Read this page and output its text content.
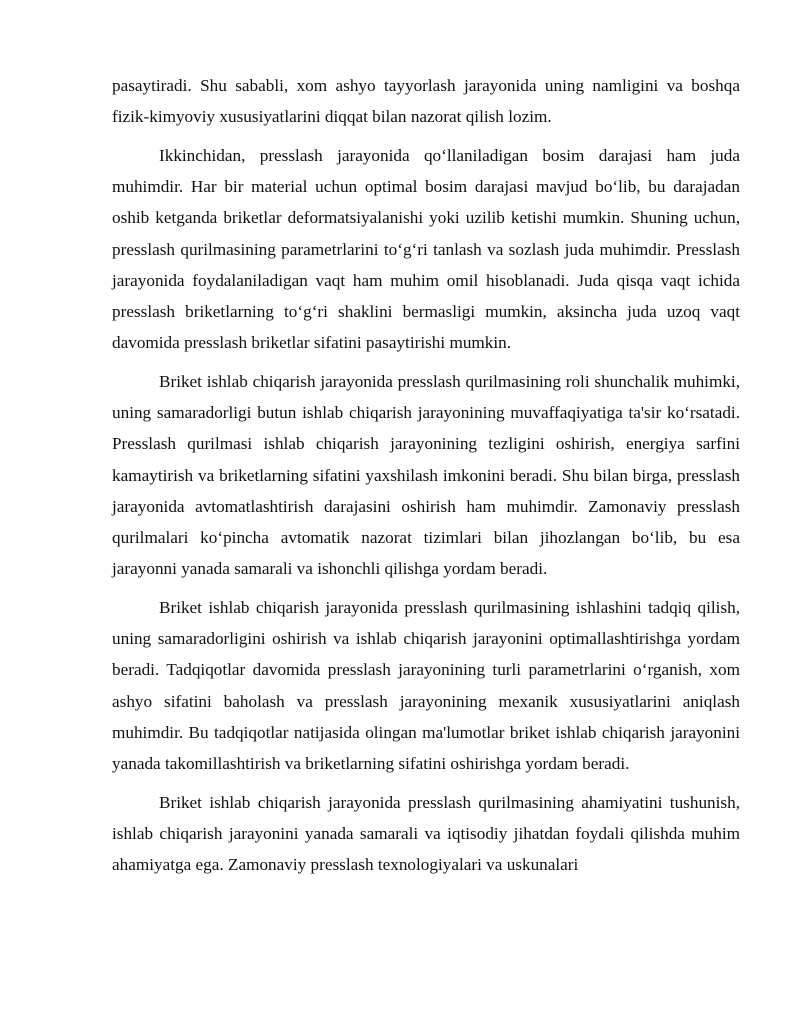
pasaytiradi. Shu sababli, xom ashyo tayyorlash jarayonida uning namligini va boshqa fizik-kimyoviy xususiyatlarini diqqat bilan nazorat qilish lozim.

Ikkinchidan, presslash jarayonida qo‘llaniladigan bosim darajasi ham juda muhimdir. Har bir material uchun optimal bosim darajasi mavjud bo‘lib, bu darajadan oshib ketganda briketlar deformatsiyalanishi yoki uzilib ketishi mumkin. Shuning uchun, presslash qurilmasining parametrlarini to‘g‘ri tanlash va sozlash juda muhimdir. Presslash jarayonida foydalaniladigan vaqt ham muhim omil hisoblanadi. Juda qisqa vaqt ichida presslash briketlarning to‘g‘ri shaklini bermasligi mumkin, aksincha juda uzoq vaqt davomida presslash briketlar sifatini pasaytirishi mumkin.

Briket ishlab chiqarish jarayonida presslash qurilmasining roli shunchalik muhimki, uning samaradorligi butun ishlab chiqarish jarayonining muvaffaqiyatiga ta'sir ko‘rsatadi. Presslash qurilmasi ishlab chiqarish jarayonining tezligini oshirish, energiya sarfini kamaytirish va briketlarning sifatini yaxshilash imkonini beradi. Shu bilan birga, presslash jarayonida avtomatlashtirish darajasini oshirish ham muhimdir. Zamonaviy presslash qurilmalari ko‘pincha avtomatik nazorat tizimlari bilan jihozlangan bo‘lib, bu esa jarayonni yanada samarali va ishonchli qilishga yordam beradi.

Briket ishlab chiqarish jarayonida presslash qurilmasining ishlashini tadqiq qilish, uning samaradorligini oshirish va ishlab chiqarish jarayonini optimallashtirishga yordam beradi. Tadqiqotlar davomida presslash jarayonining turli parametrlarini o‘rganish, xom ashyo sifatini baholash va presslash jarayonining mexanik xususiyatlarini aniqlash muhimdir. Bu tadqiqotlar natijasida olingan ma'lumotlar briket ishlab chiqarish jarayonini yanada takomillashtirish va briketlarning sifatini oshirishga yordam beradi.

Briket ishlab chiqarish jarayonida presslash qurilmasining ahamiyatini tushunish, ishlab chiqarish jarayonini yanada samarali va iqtisodiy jihatdan foydali qilishda muhim ahamiyatga ega. Zamonaviy presslash texnologiyalari va uskunalari
